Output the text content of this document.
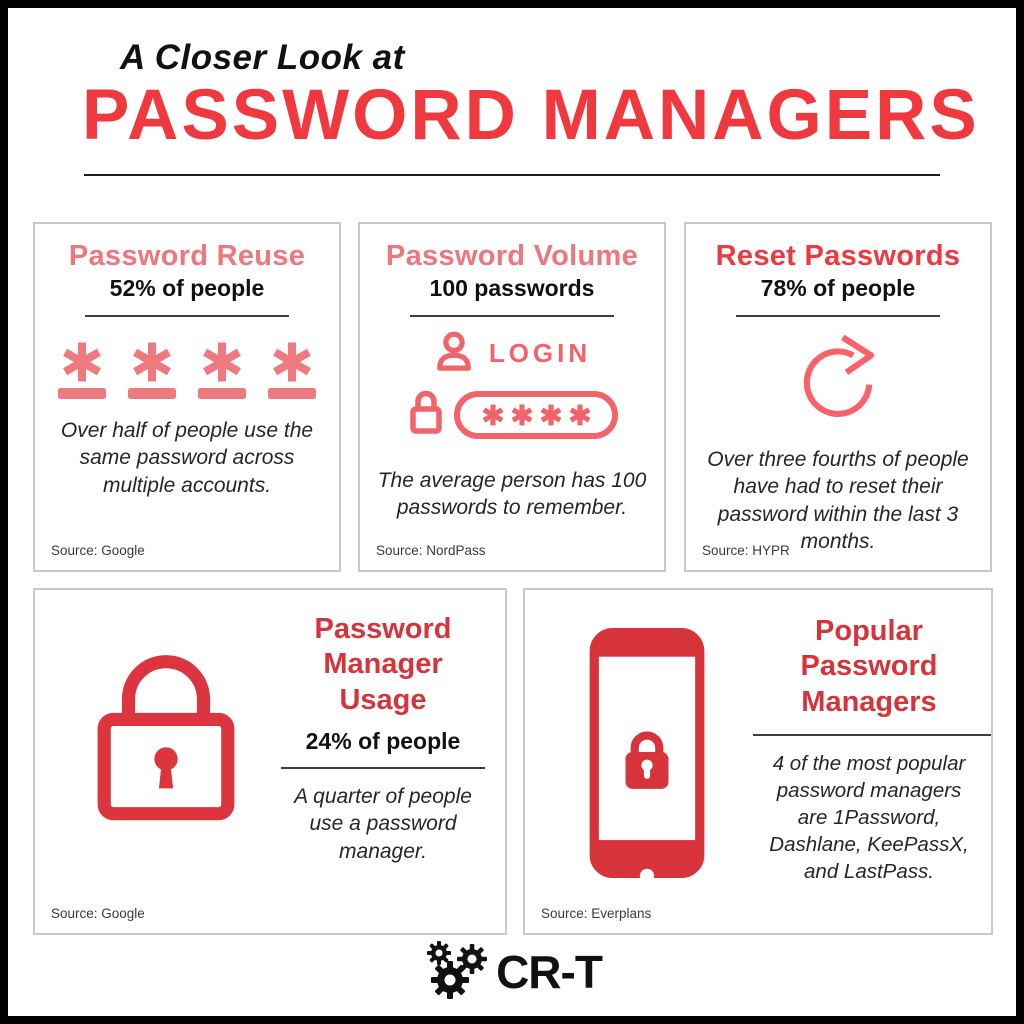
A Closer Look at
PASSWORD MANAGERS
Password Reuse
52% of people
Over half of people use the same password across multiple accounts.
Source: Google
Password Volume
100 passwords
LOGIN
The average person has 100 passwords to remember.
Source: NordPass
Reset Passwords
78% of people
Over three fourths of people have had to reset their password within the last 3 months.
Source: HYPR
Password Manager Usage
24% of people
A quarter of people use a password manager.
Source: Google
Popular Password Managers
4 of the most popular password managers are 1Password, Dashlane, KeePassX, and LastPass.
Source: Everplans
CR-T
